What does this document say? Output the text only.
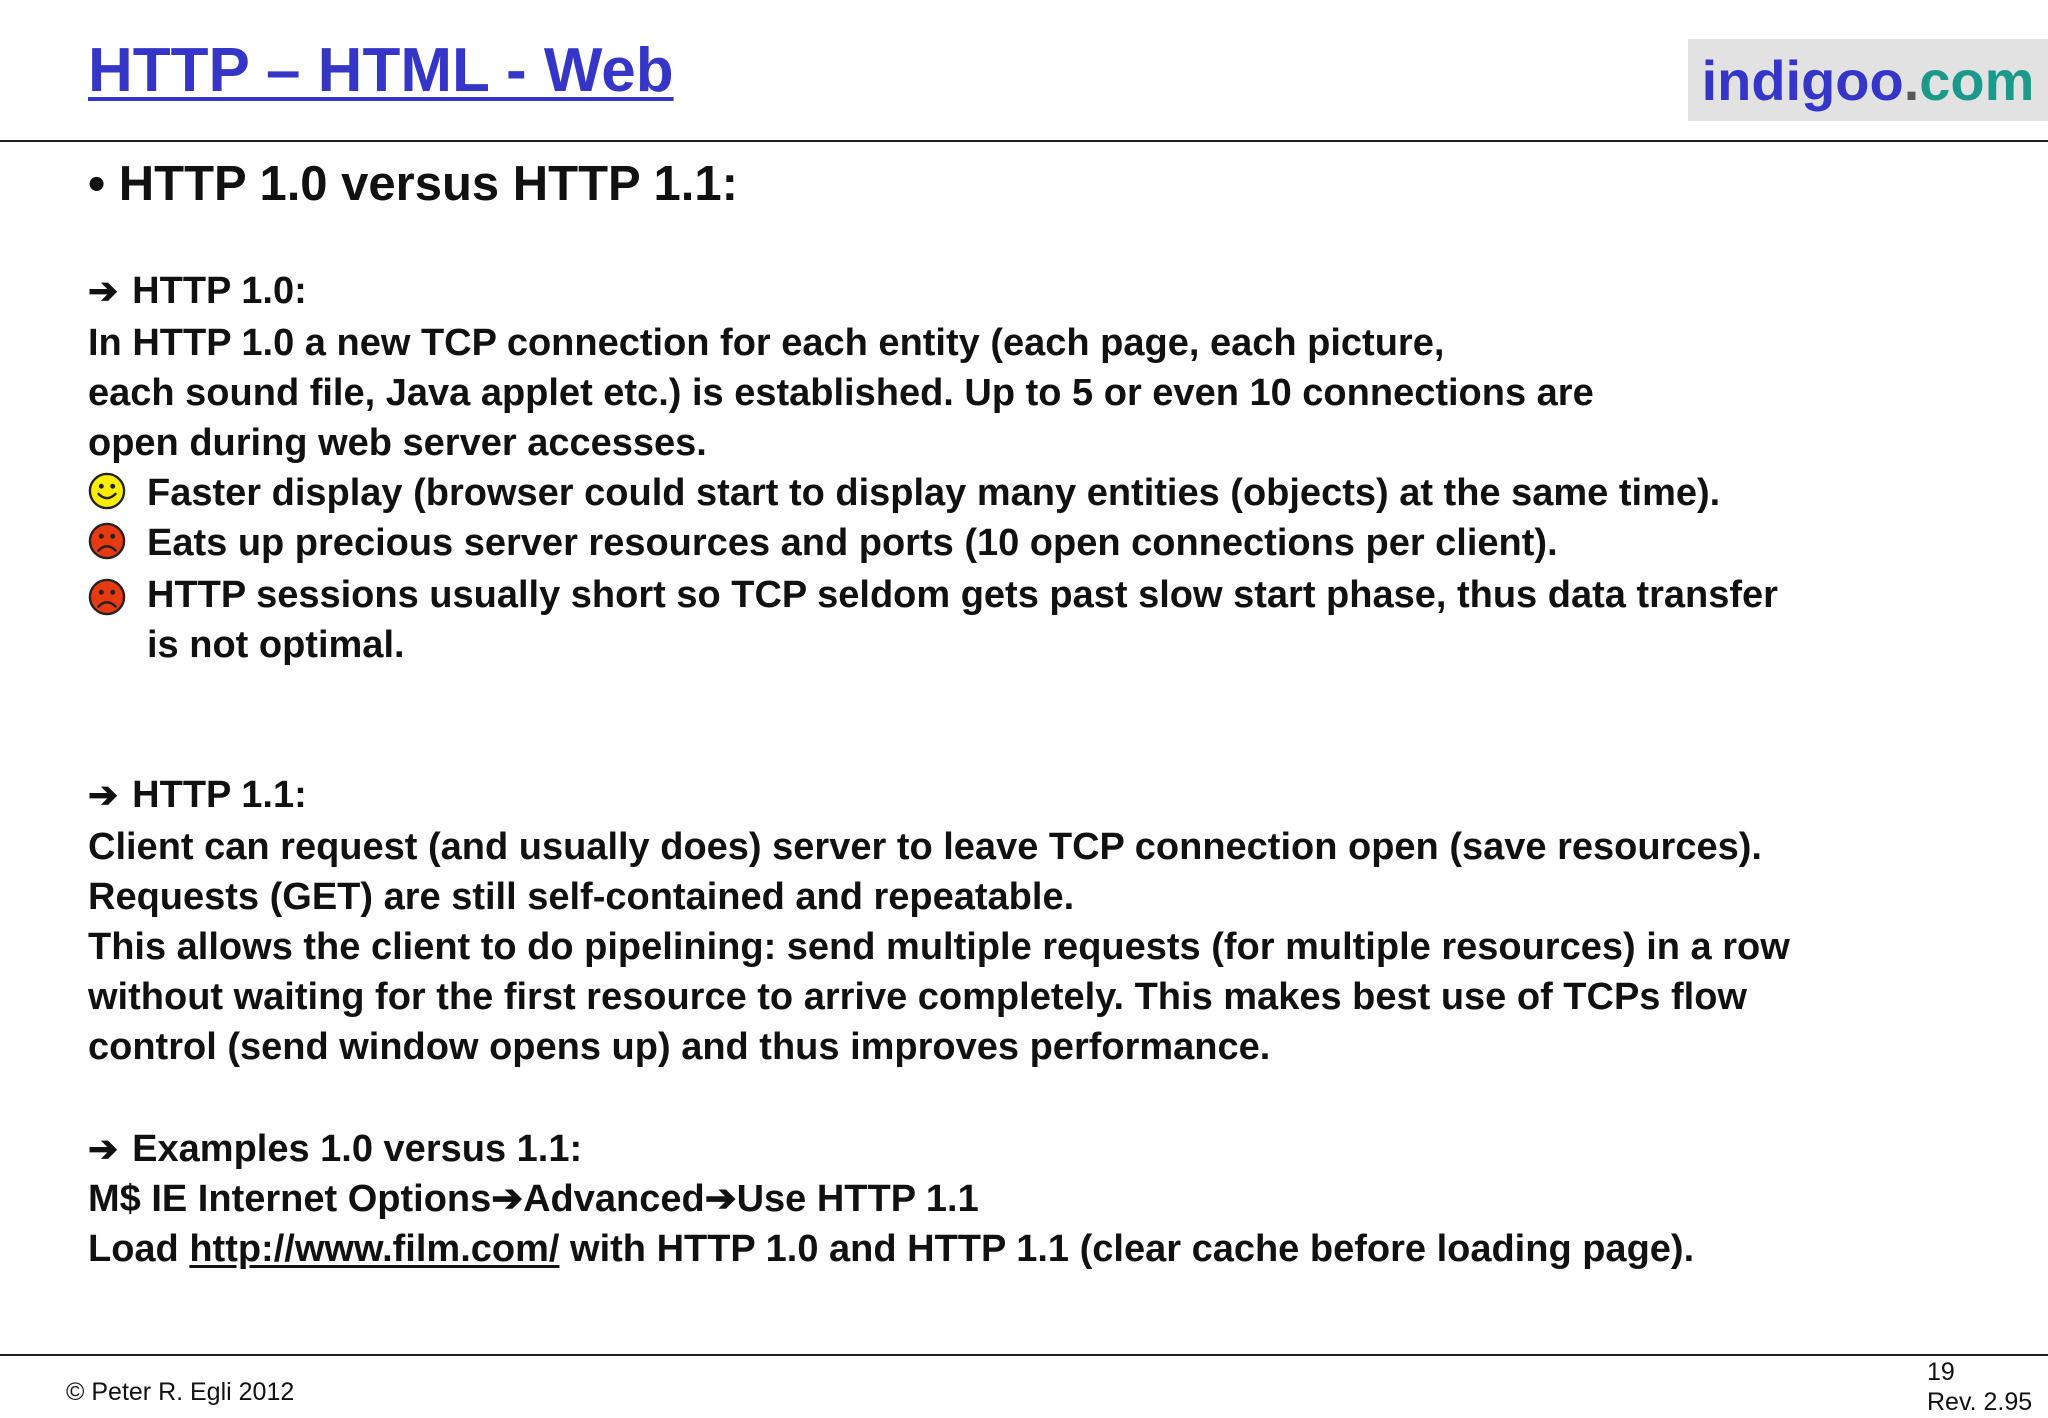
HTTP – HTML - Web	indigoo . com
• HTTP 1.0 versus HTTP 1.1:
➔ HTTP 1.0:
In HTTP 1.0 a new TCP connection for each entity (each page, each picture,
each sound file, Java applet etc.) is established. Up to 5 or even 10 connections are
open during web server accesses.
Faster display (browser could start to display many entities (objects) at the same time).
Eats up precious server resources and ports (10 open connections per client).
HTTP sessions usually short so TCP seldom gets past slow start phase, thus data transfer
is not optimal.
➔ HTTP 1.1:
Client can request (and usually does) server to leave TCP connection open (save resources).
Requests (GET) are still self-contained and repeatable.
This allows the client to do pipelining: send multiple requests (for multiple resources) in a row
without waiting for the first resource to arrive completely. This makes best use of TCPs flow
control (send window opens up) and thus improves performance.
➔ Examples 1.0 versus 1.1:
M$ IE Internet Options➔Advanced➔Use HTTP 1.1
Load http://www.film.com/ with HTTP 1.0 and HTTP 1.1 (clear cache before loading page).
© Peter R. Egli 2012
19
Rev. 2.95
